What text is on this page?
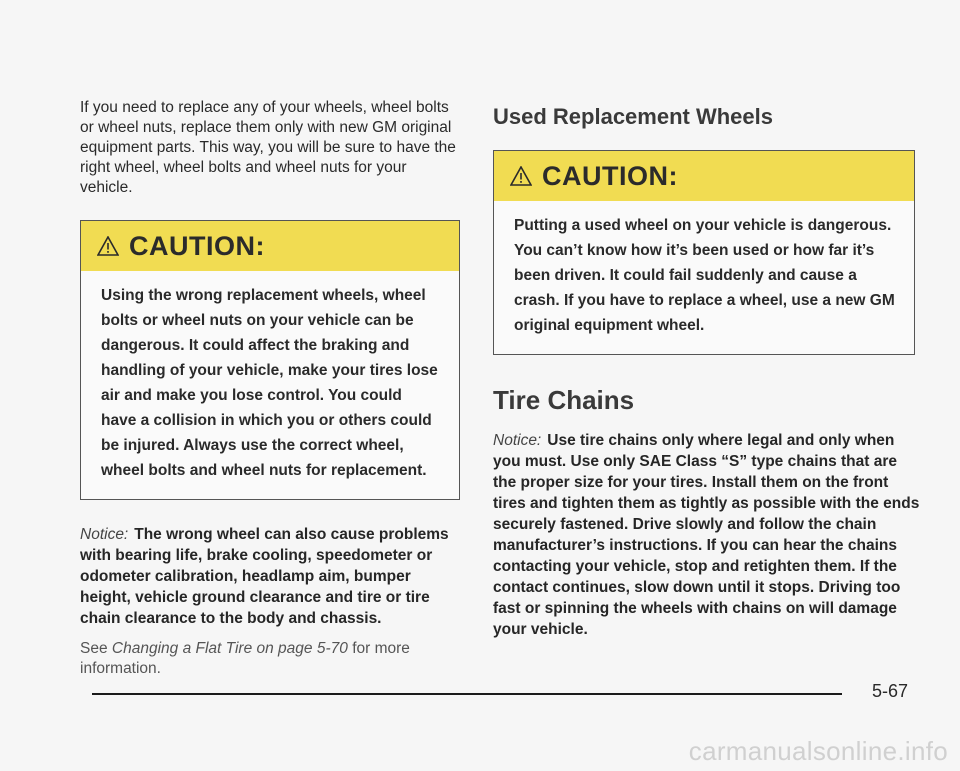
If you need to replace any of your wheels, wheel bolts or wheel nuts, replace them only with new GM original equipment parts. This way, you will be sure to have the right wheel, wheel bolts and wheel nuts for your vehicle.

CAUTION:
Using the wrong replacement wheels, wheel bolts or wheel nuts on your vehicle can be dangerous. It could affect the braking and handling of your vehicle, make your tires lose air and make you lose control. You could have a collision in which you or others could be injured. Always use the correct wheel, wheel bolts and wheel nuts for replacement.

Notice: The wrong wheel can also cause problems with bearing life, brake cooling, speedometer or odometer calibration, headlamp aim, bumper height, vehicle ground clearance and tire or tire chain clearance to the body and chassis.

See Changing a Flat Tire on page 5-70 for more information.

Used Replacement Wheels
CAUTION:
Putting a used wheel on your vehicle is dangerous. You can’t know how it’s been used or how far it’s been driven. It could fail suddenly and cause a crash. If you have to replace a wheel, use a new GM original equipment wheel.
Tire Chains

Notice: Use tire chains only where legal and only when you must. Use only SAE Class “S” type chains that are the proper size for your tires. Install them on the front tires and tighten them as tightly as possible with the ends securely fastened. Drive slowly and follow the chain manufacturer’s instructions. If you can hear the chains contacting your vehicle, stop and retighten them. If the contact continues, slow down until it stops. Driving too fast or spinning the wheels with chains on will damage your vehicle.

5-67
carmanualsonline.info
